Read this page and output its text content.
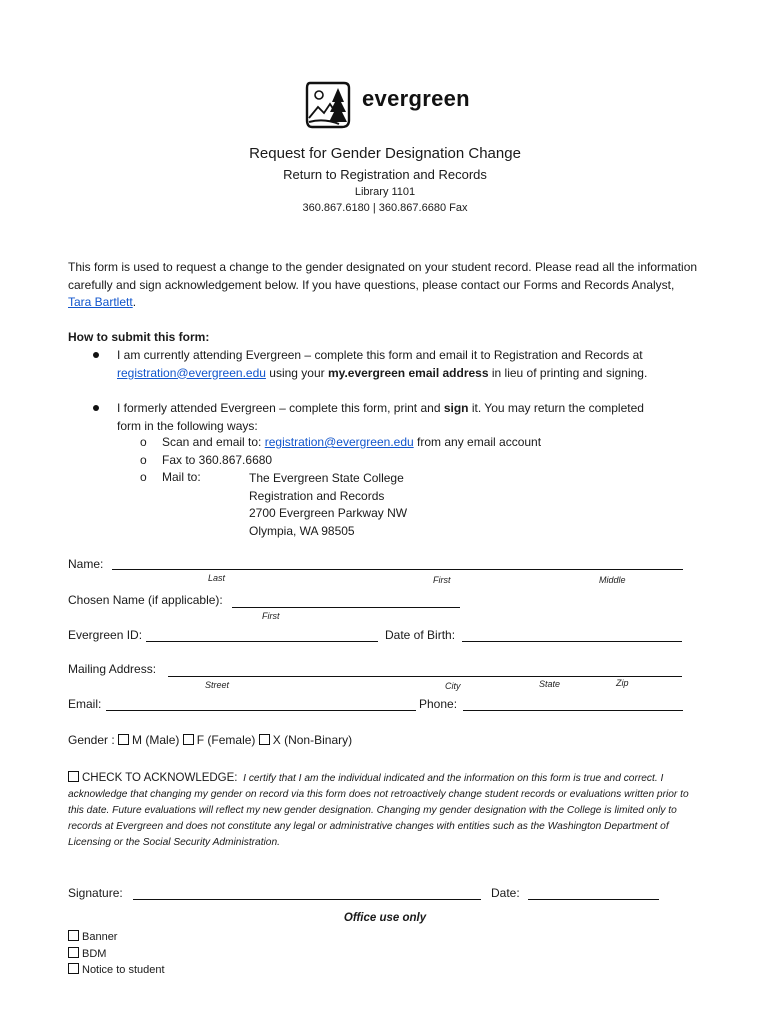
evergreen
Request for Gender Designation Change
Return to Registration and Records
Library 1101
360.867.6180 | 360.867.6680 Fax
This form is used to request a change to the gender designated on your student record. Please read all the information carefully and sign acknowledgement below. If you have questions, please contact our Forms and Records Analyst, Tara Bartlett.
How to submit this form:
I am currently attending Evergreen – complete this form and email it to Registration and Records at
registration@evergreen.edu using your my.evergreen email address in lieu of printing and signing.
I formerly attended Evergreen – complete this form, print and sign it. You may return the completed
form in the following ways:
o Scan and email to: registration@evergreen.edu from any email account
o Fax to 360.867.6680
o Mail to:	The Evergreen State College
Registration and Records
2700 Evergreen Parkway NW
Olympia, WA 98505
Name:
Last	First	Middle
Chosen Name (if applicable):
First
Evergreen ID:	Date of Birth:
Mailing Address:
Street	City	State	Zip
Email:	Phone:
Gender : M (Male) F (Female) X (Non-Binary)
CHECK TO ACKNOWLEDGE: I certify that I am the individual indicated and the information on this form is true and correct. I acknowledge that changing my gender on record via this form does not retroactively change student records or evaluations written prior to this date. Future evaluations will reflect my new gender designation. Changing my gender designation with the College is limited only to records at Evergreen and does not constitute any legal or administrative changes with entities such as the Washington Department of Licensing or the Social Security Administration.
Signature:	Date:
Office use only
Banner
BDM
Notice to student
